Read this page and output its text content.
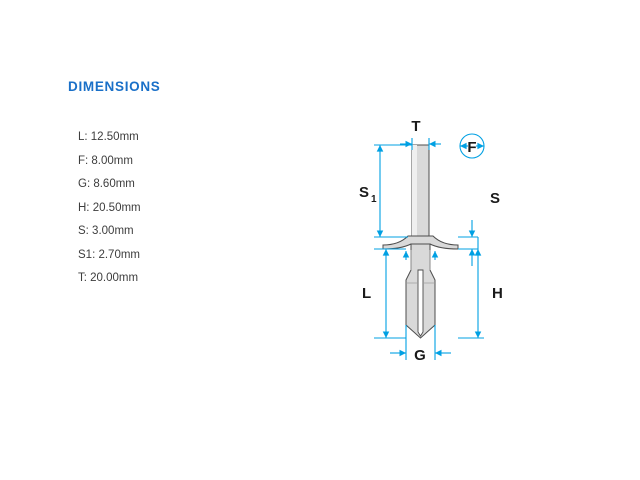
DIMENSIONS
L: 12.50mm
F: 8.00mm
G: 8.60mm
H: 20.50mm
S: 3.00mm
S1: 2.70mm
T: 20.00mm
T
F
S 1	S
L	H
G
